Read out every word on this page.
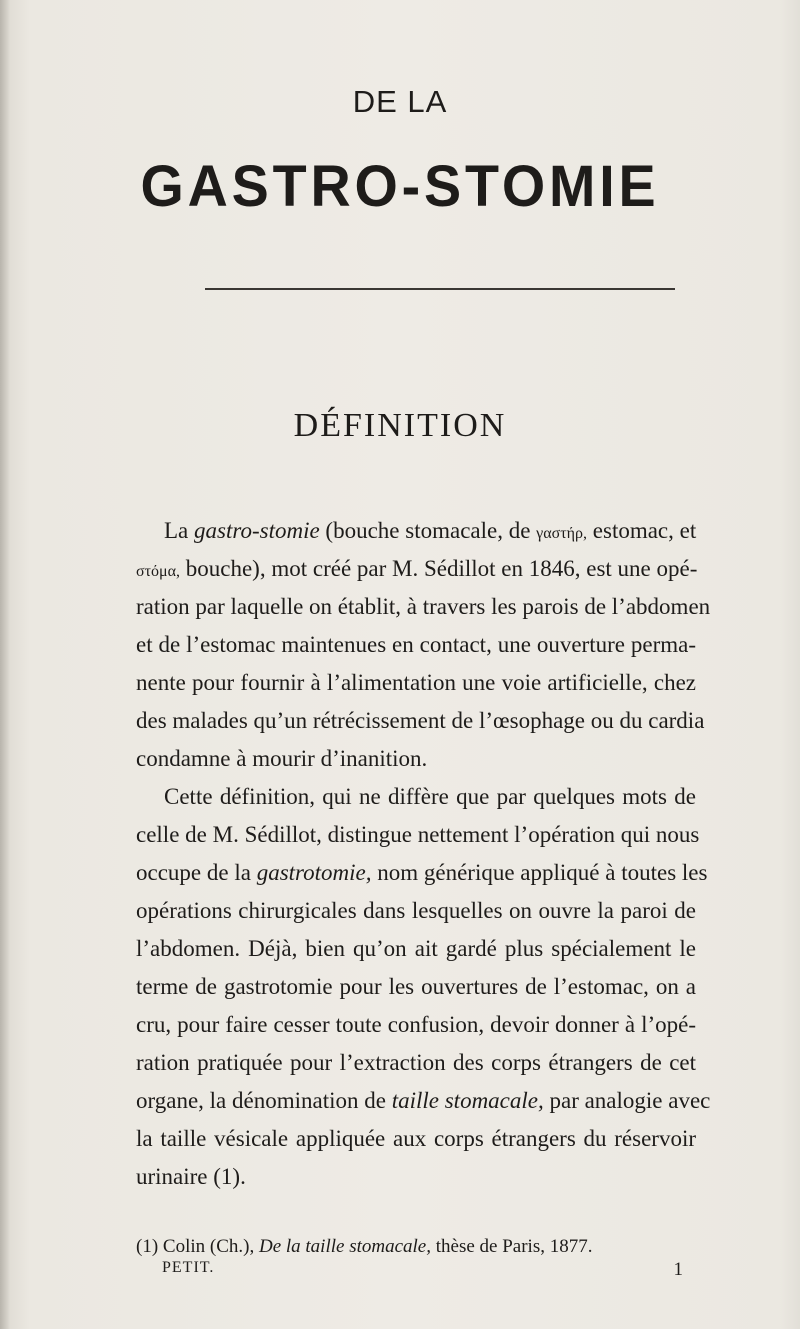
DE LA
GASTRO-STOMIE
DÉFINITION
La gastro-stomie (bouche stomacale, de γαστήρ, estomac, et
στόμα, bouche), mot créé par M. Sédillot en 1846, est une opé-
ration par laquelle on établit, à travers les parois de l’abdomen
et de l’estomac maintenues en contact, une ouverture perma-
nente pour fournir à l’alimentation une voie artificielle, chez
des malades qu’un rétrécissement de l’œsophage ou du cardia
condamne à mourir d’inanition.
Cette définition, qui ne diffère que par quelques mots de
celle de M. Sédillot, distingue nettement l’opération qui nous
occupe de la gastrotomie, nom générique appliqué à toutes les
opérations chirurgicales dans lesquelles on ouvre la paroi de
l’abdomen. Déjà, bien qu’on ait gardé plus spécialement le
terme de gastrotomie pour les ouvertures de l’estomac, on a
cru, pour faire cesser toute confusion, devoir donner à l’opé-
ration pratiquée pour l’extraction des corps étrangers de cet
organe, la dénomination de taille stomacale, par analogie avec
la taille vésicale appliquée aux corps étrangers du réservoir
urinaire (1).
(1) Colin (Ch.), De la taille stomacale, thèse de Paris, 1877.
PETIT.	1
